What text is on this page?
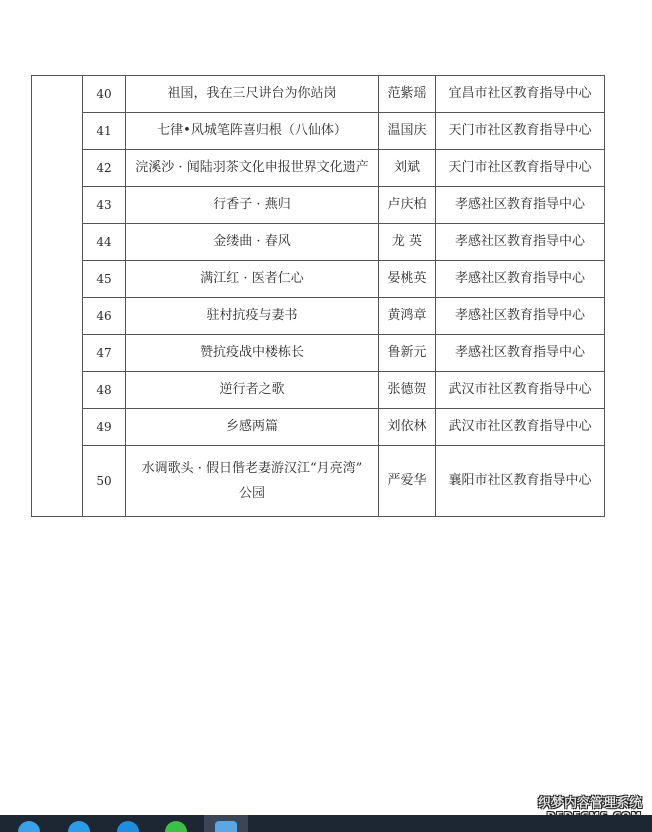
	40	祖国，我在三尺讲台为你站岗	范紫瑶	宜昌市社区教育指导中心
	41	七律•风城笔阵喜归根（八仙体）	温国庆	天门市社区教育指导中心
	42	浣溪沙 · 闻陆羽茶文化申报世界文化遗产	刘斌	天门市社区教育指导中心
	43	行香子 · 燕归	卢庆柏	孝感社区教育指导中心
	44	金缕曲 · 春风	龙 英	孝感社区教育指导中心
	45	满江红 · 医者仁心	晏桃英	孝感社区教育指导中心
	46	驻村抗疫与妻书	黄鸿章	孝感社区教育指导中心
	47	赞抗疫战中楼栋长	鲁新元	孝感社区教育指导中心
	48	逆行者之歌	张德贺	武汉市社区教育指导中心
	49	乡感两篇	刘依林	武汉市社区教育指导中心
	50	水调歌头 · 假日偕老妻游汉江“月亮湾”
公园	严爱华	襄阳市社区教育指导中心
织梦内容管理系统
